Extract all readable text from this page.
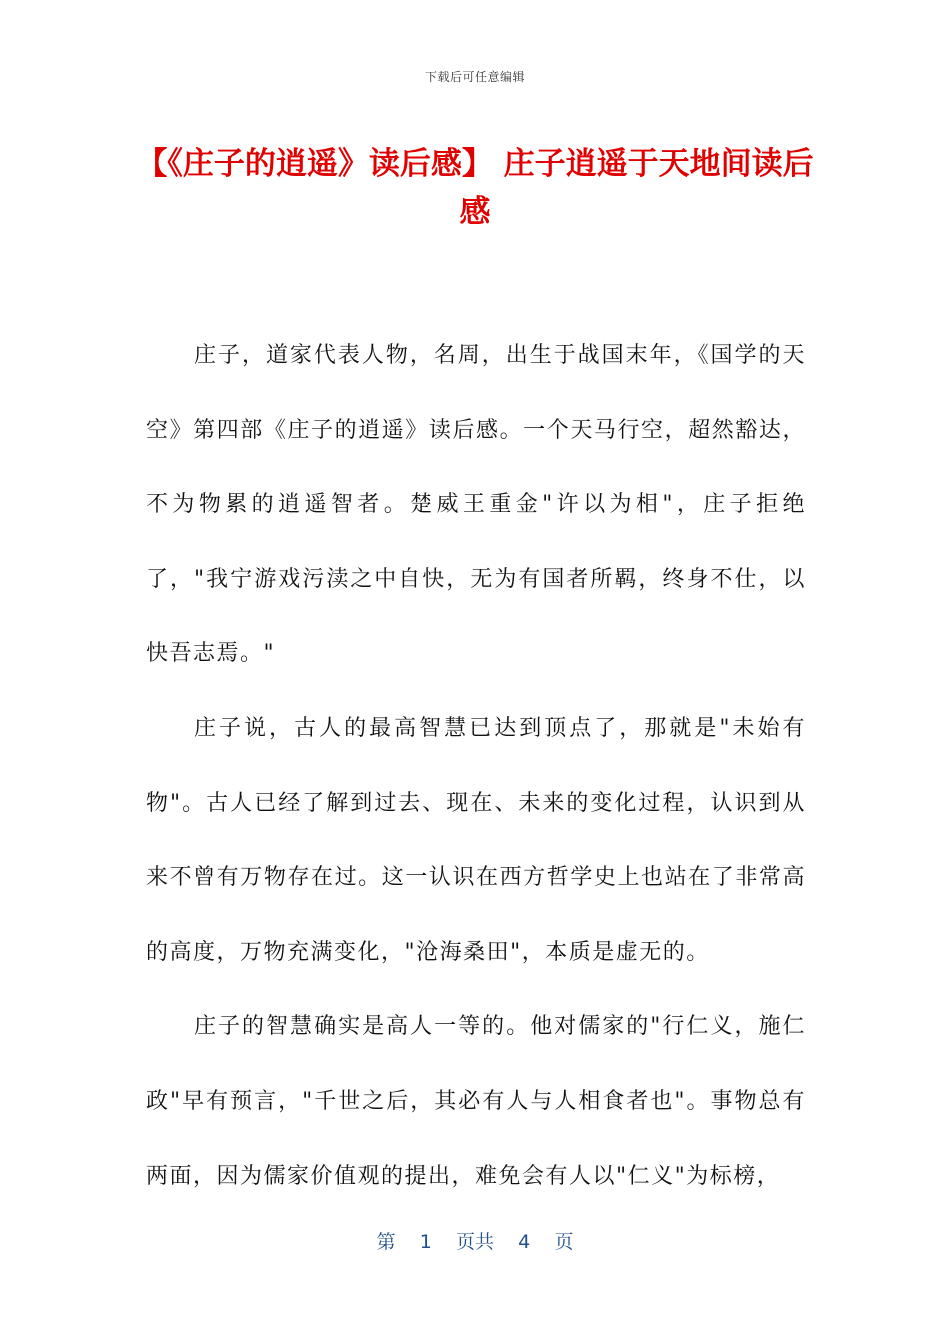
下载后可任意编辑
【《庄子的逍遥》读后感】 庄子逍遥于天地间读后感

庄子，道家代表人物，名周，出生于战国末年，《国学的天空》第四部《庄子的逍遥》读后感。一个天马行空，超然豁达，不为物累的逍遥智者。楚威王重金"许以为相"，庄子拒绝了，"我宁游戏污渎之中自快，无为有国者所羁，终身不仕，以快吾志焉。"

庄子说，古人的最高智慧已达到顶点了，那就是"未始有物"。古人已经了解到过去、现在、未来的变化过程，认识到从来不曾有万物存在过。这一认识在西方哲学史上也站在了非常高的高度，万物充满变化，"沧海桑田"，本质是虚无的。

庄子的智慧确实是高人一等的。他对儒家的"行仁义，施仁政"早有预言，"千世之后，其必有人与人相食者也"。事物总有两面，因为儒家价值观的提出，难免会有人以"仁义"为标榜，

第 1 页共 4 页
